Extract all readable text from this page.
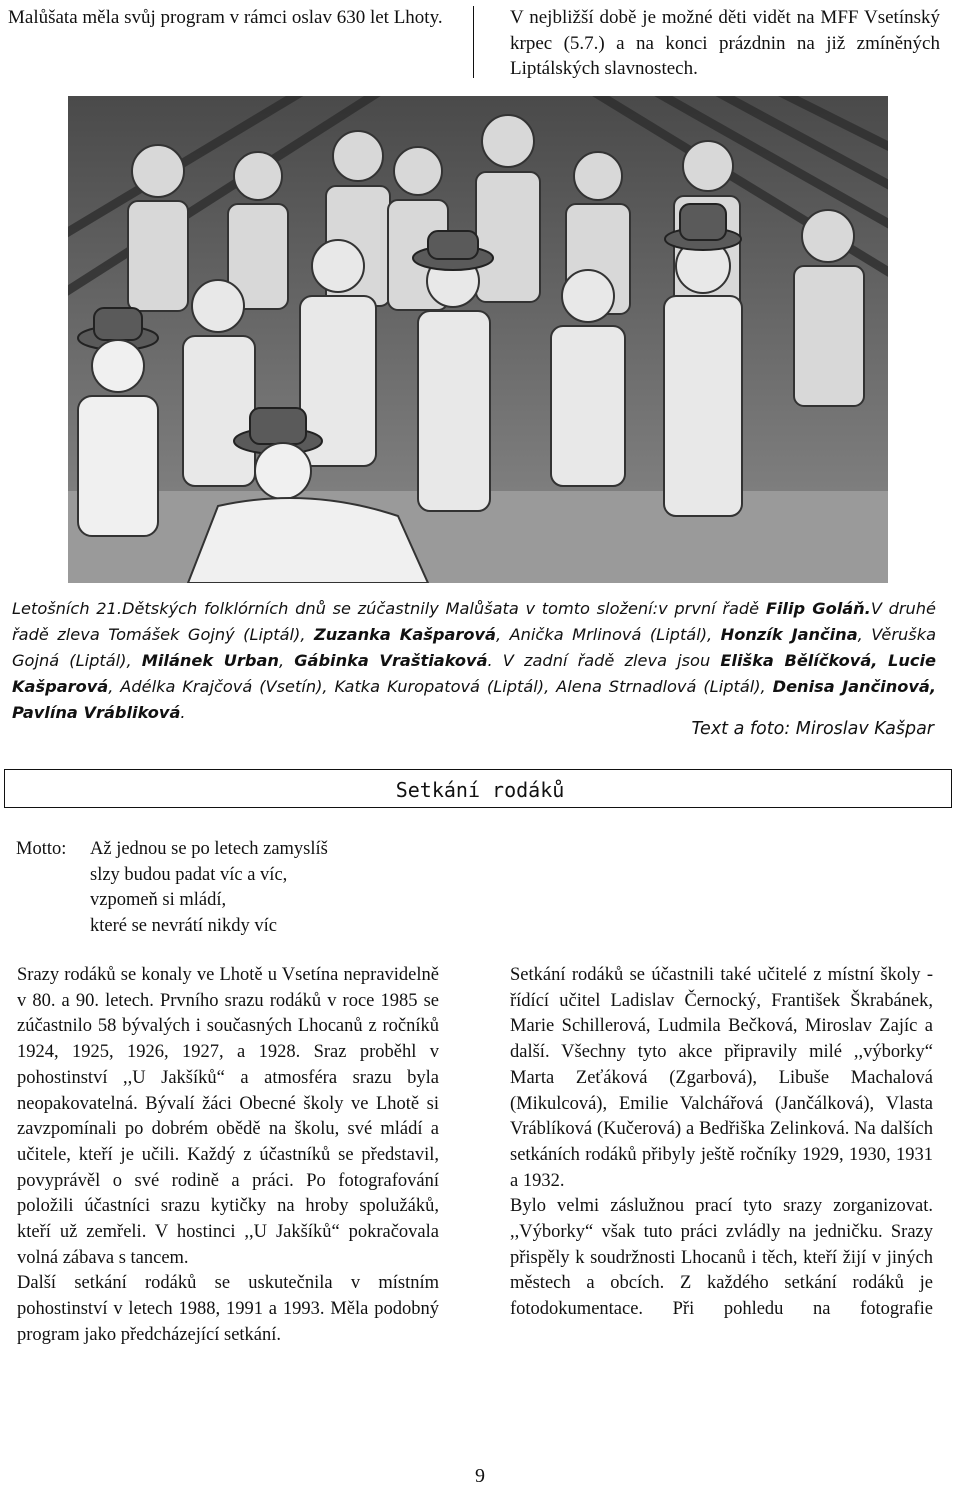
Malůšata měla svůj program v rámci oslav 630 let Lhoty.	V nejbližší době je možné děti vidět na MFF Vsetínský krpec (5.7.) a na konci prázdnin na již zmíněných Liptálských slavnostech.
Letošních 21.Dětských folklórních dnů se zúčastnily Malůšata v tomto složení:v první řadě Filip Goláň.V druhé řadě zleva Tomášek Gojný (Liptál), Zuzanka Kašparová, Anička Mrlinová (Liptál), Honzík Jančina, Věruška Gojná (Liptál), Milánek Urban, Gábinka Vraštiaková. V zadní řadě zleva jsou Eliška Bělíčková, Lucie Kašparová, Adélka Krajčová (Vsetín), Katka Kuropatová (Liptál), Alena Strnadlová (Liptál), Denisa Jančinová, Pavlína Vrábliková.
Text a foto: Miroslav Kašpar
Setkání rodáků
Motto:	Až jednou se po letech zamyslíš
slzy budou padat víc a víc,
vzpomeň si mládí,
které se nevrátí nikdy víc
Srazy rodáků se konaly ve Lhotě u Vsetína nepravidelně v 80. a 90. letech. Prvního srazu rodáků v roce 1985 se zúčastnilo 58 bývalých i současných Lhocanů z ročníků 1924, 1925, 1926, 1927, a 1928. Sraz proběhl v pohostinství ,,U Jakšíků“ a atmosféra srazu byla neopakovatelná. Bývalí žáci Obecné školy ve Lhotě si zavzpomínali po dobrém obědě na školu, své mládí a učitele, kteří je učili. Každý z účastníků se představil, povyprávěl o své rodině a práci. Po fotografování položili účastníci srazu kytičky na hroby spolužáků, kteří už zemřeli. V hostinci ,,U Jakšíků“ pokračovala volná zábava s tancem.
Další setkání rodáků se uskutečnila v místním pohostinství v letech 1988, 1991 a 1993. Měla podobný program jako předcházející setkání.
Setkání rodáků se účastnili také učitelé z místní školy - řídící učitel Ladislav Černocký, František Škrabánek, Marie Schillerová, Ludmila Bečková, Miroslav Zajíc a další. Všechny tyto akce připravily milé ,,výborky“ Marta Zeťáková (Zgarbová), Libuše Machalová (Mikulcová), Emilie Valchářová (Jančálková), Vlasta Vráblíková (Kučerová) a Bedřiška Zelinková. Na dalších setkáních rodáků přibyly ještě ročníky 1929, 1930, 1931 a 1932.
Bylo velmi záslužnou prací tyto srazy zorganizovat. ,,Výborky“ však tuto práci zvládly na jedničku. Srazy přispěly k soudržnosti Lhocanů i těch, kteří žijí v jiných městech a obcích. Z každého setkání rodáků je fotodokumentace. Při pohledu na fotografie
9
